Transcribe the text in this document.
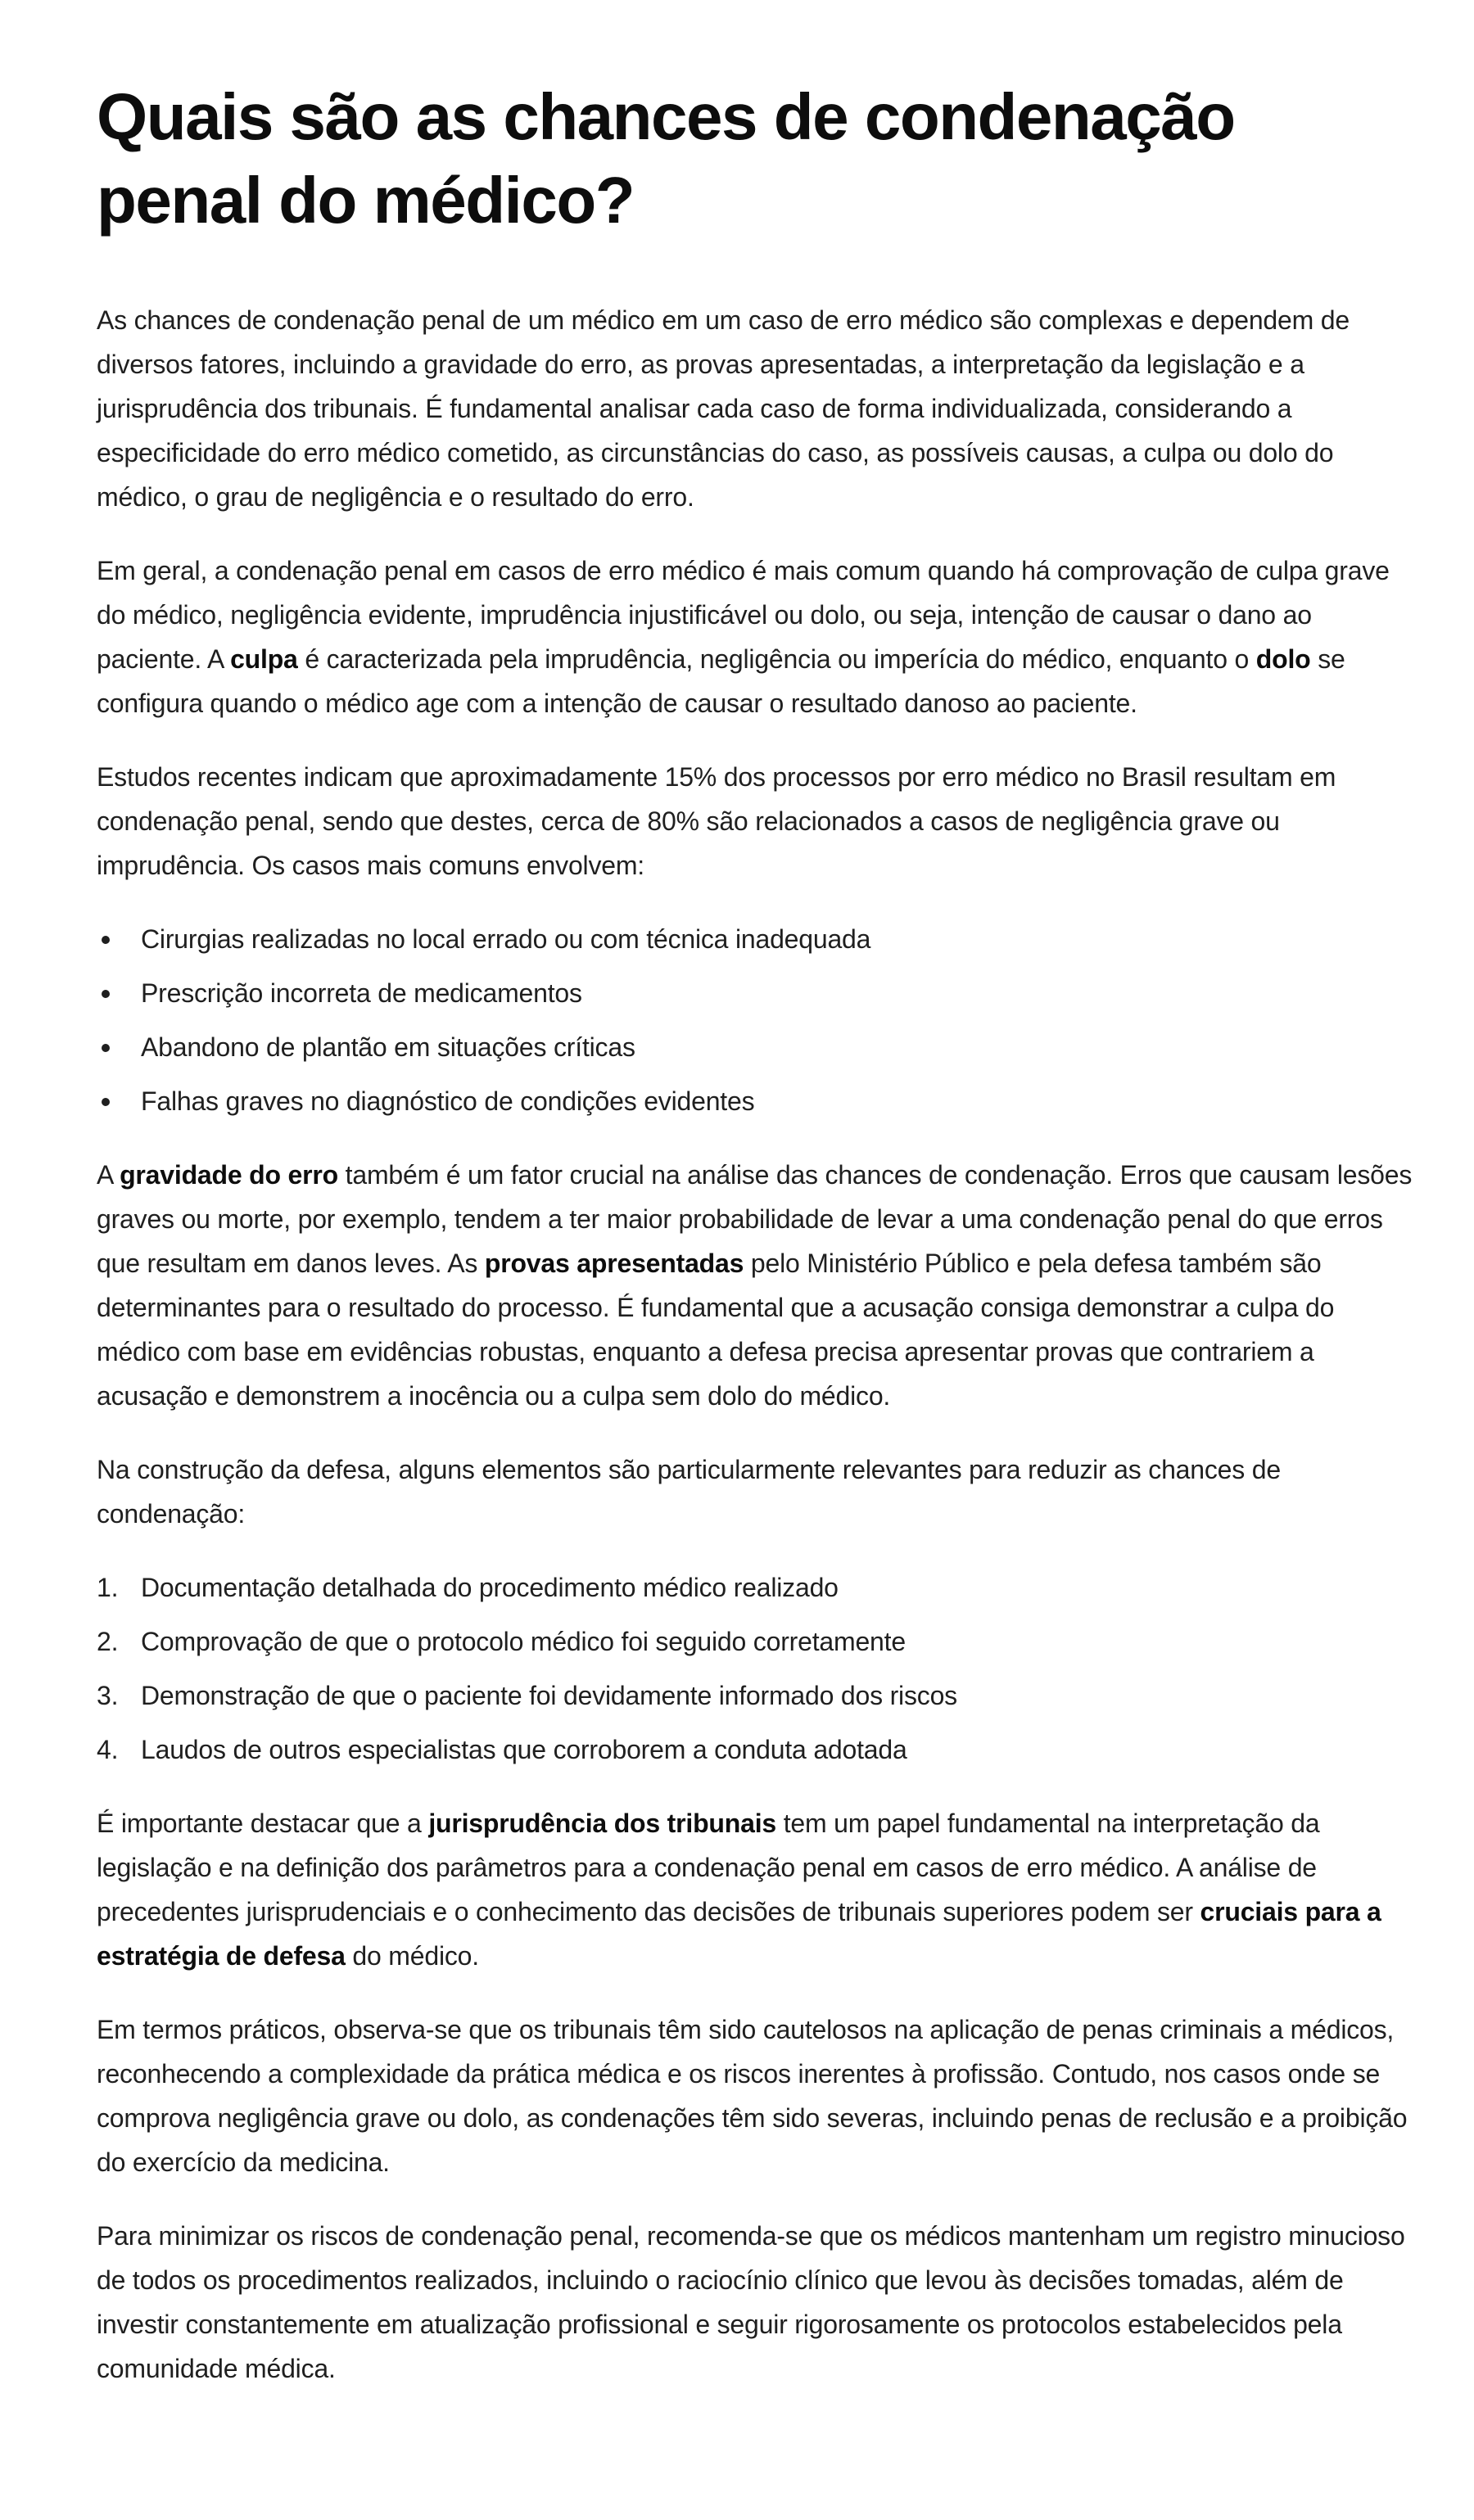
Quais são as chances de condenação penal do médico?

As chances de condenação penal de um médico em um caso de erro médico são complexas e dependem de diversos fatores, incluindo a gravidade do erro, as provas apresentadas, a interpretação da legislação e a jurisprudência dos tribunais. É fundamental analisar cada caso de forma individualizada, considerando a especificidade do erro médico cometido, as circunstâncias do caso, as possíveis causas, a culpa ou dolo do médico, o grau de negligência e o resultado do erro.

Em geral, a condenação penal em casos de erro médico é mais comum quando há comprovação de culpa grave do médico, negligência evidente, imprudência injustificável ou dolo, ou seja, intenção de causar o dano ao paciente. A culpa é caracterizada pela imprudência, negligência ou imperícia do médico, enquanto o dolo se configura quando o médico age com a intenção de causar o resultado danoso ao paciente.

Estudos recentes indicam que aproximadamente 15% dos processos por erro médico no Brasil resultam em condenação penal, sendo que destes, cerca de 80% são relacionados a casos de negligência grave ou imprudência. Os casos mais comuns envolvem:

Cirurgias realizadas no local errado ou com técnica inadequada
Prescrição incorreta de medicamentos
Abandono de plantão em situações críticas
Falhas graves no diagnóstico de condições evidentes

A gravidade do erro também é um fator crucial na análise das chances de condenação. Erros que causam lesões graves ou morte, por exemplo, tendem a ter maior probabilidade de levar a uma condenação penal do que erros que resultam em danos leves. As provas apresentadas pelo Ministério Público e pela defesa também são determinantes para o resultado do processo. É fundamental que a acusação consiga demonstrar a culpa do médico com base em evidências robustas, enquanto a defesa precisa apresentar provas que contrariem a acusação e demonstrem a inocência ou a culpa sem dolo do médico.

Na construção da defesa, alguns elementos são particularmente relevantes para reduzir as chances de condenação:

1. Documentação detalhada do procedimento médico realizado
2. Comprovação de que o protocolo médico foi seguido corretamente
3. Demonstração de que o paciente foi devidamente informado dos riscos
4. Laudos de outros especialistas que corroborem a conduta adotada

É importante destacar que a jurisprudência dos tribunais tem um papel fundamental na interpretação da legislação e na definição dos parâmetros para a condenação penal em casos de erro médico. A análise de precedentes jurisprudenciais e o conhecimento das decisões de tribunais superiores podem ser cruciais para a estratégia de defesa do médico.

Em termos práticos, observa-se que os tribunais têm sido cautelosos na aplicação de penas criminais a médicos, reconhecendo a complexidade da prática médica e os riscos inerentes à profissão. Contudo, nos casos onde se comprova negligência grave ou dolo, as condenações têm sido severas, incluindo penas de reclusão e a proibição do exercício da medicina.

Para minimizar os riscos de condenação penal, recomenda-se que os médicos mantenham um registro minucioso de todos os procedimentos realizados, incluindo o raciocínio clínico que levou às decisões tomadas, além de investir constantemente em atualização profissional e seguir rigorosamente os protocolos estabelecidos pela comunidade médica.
